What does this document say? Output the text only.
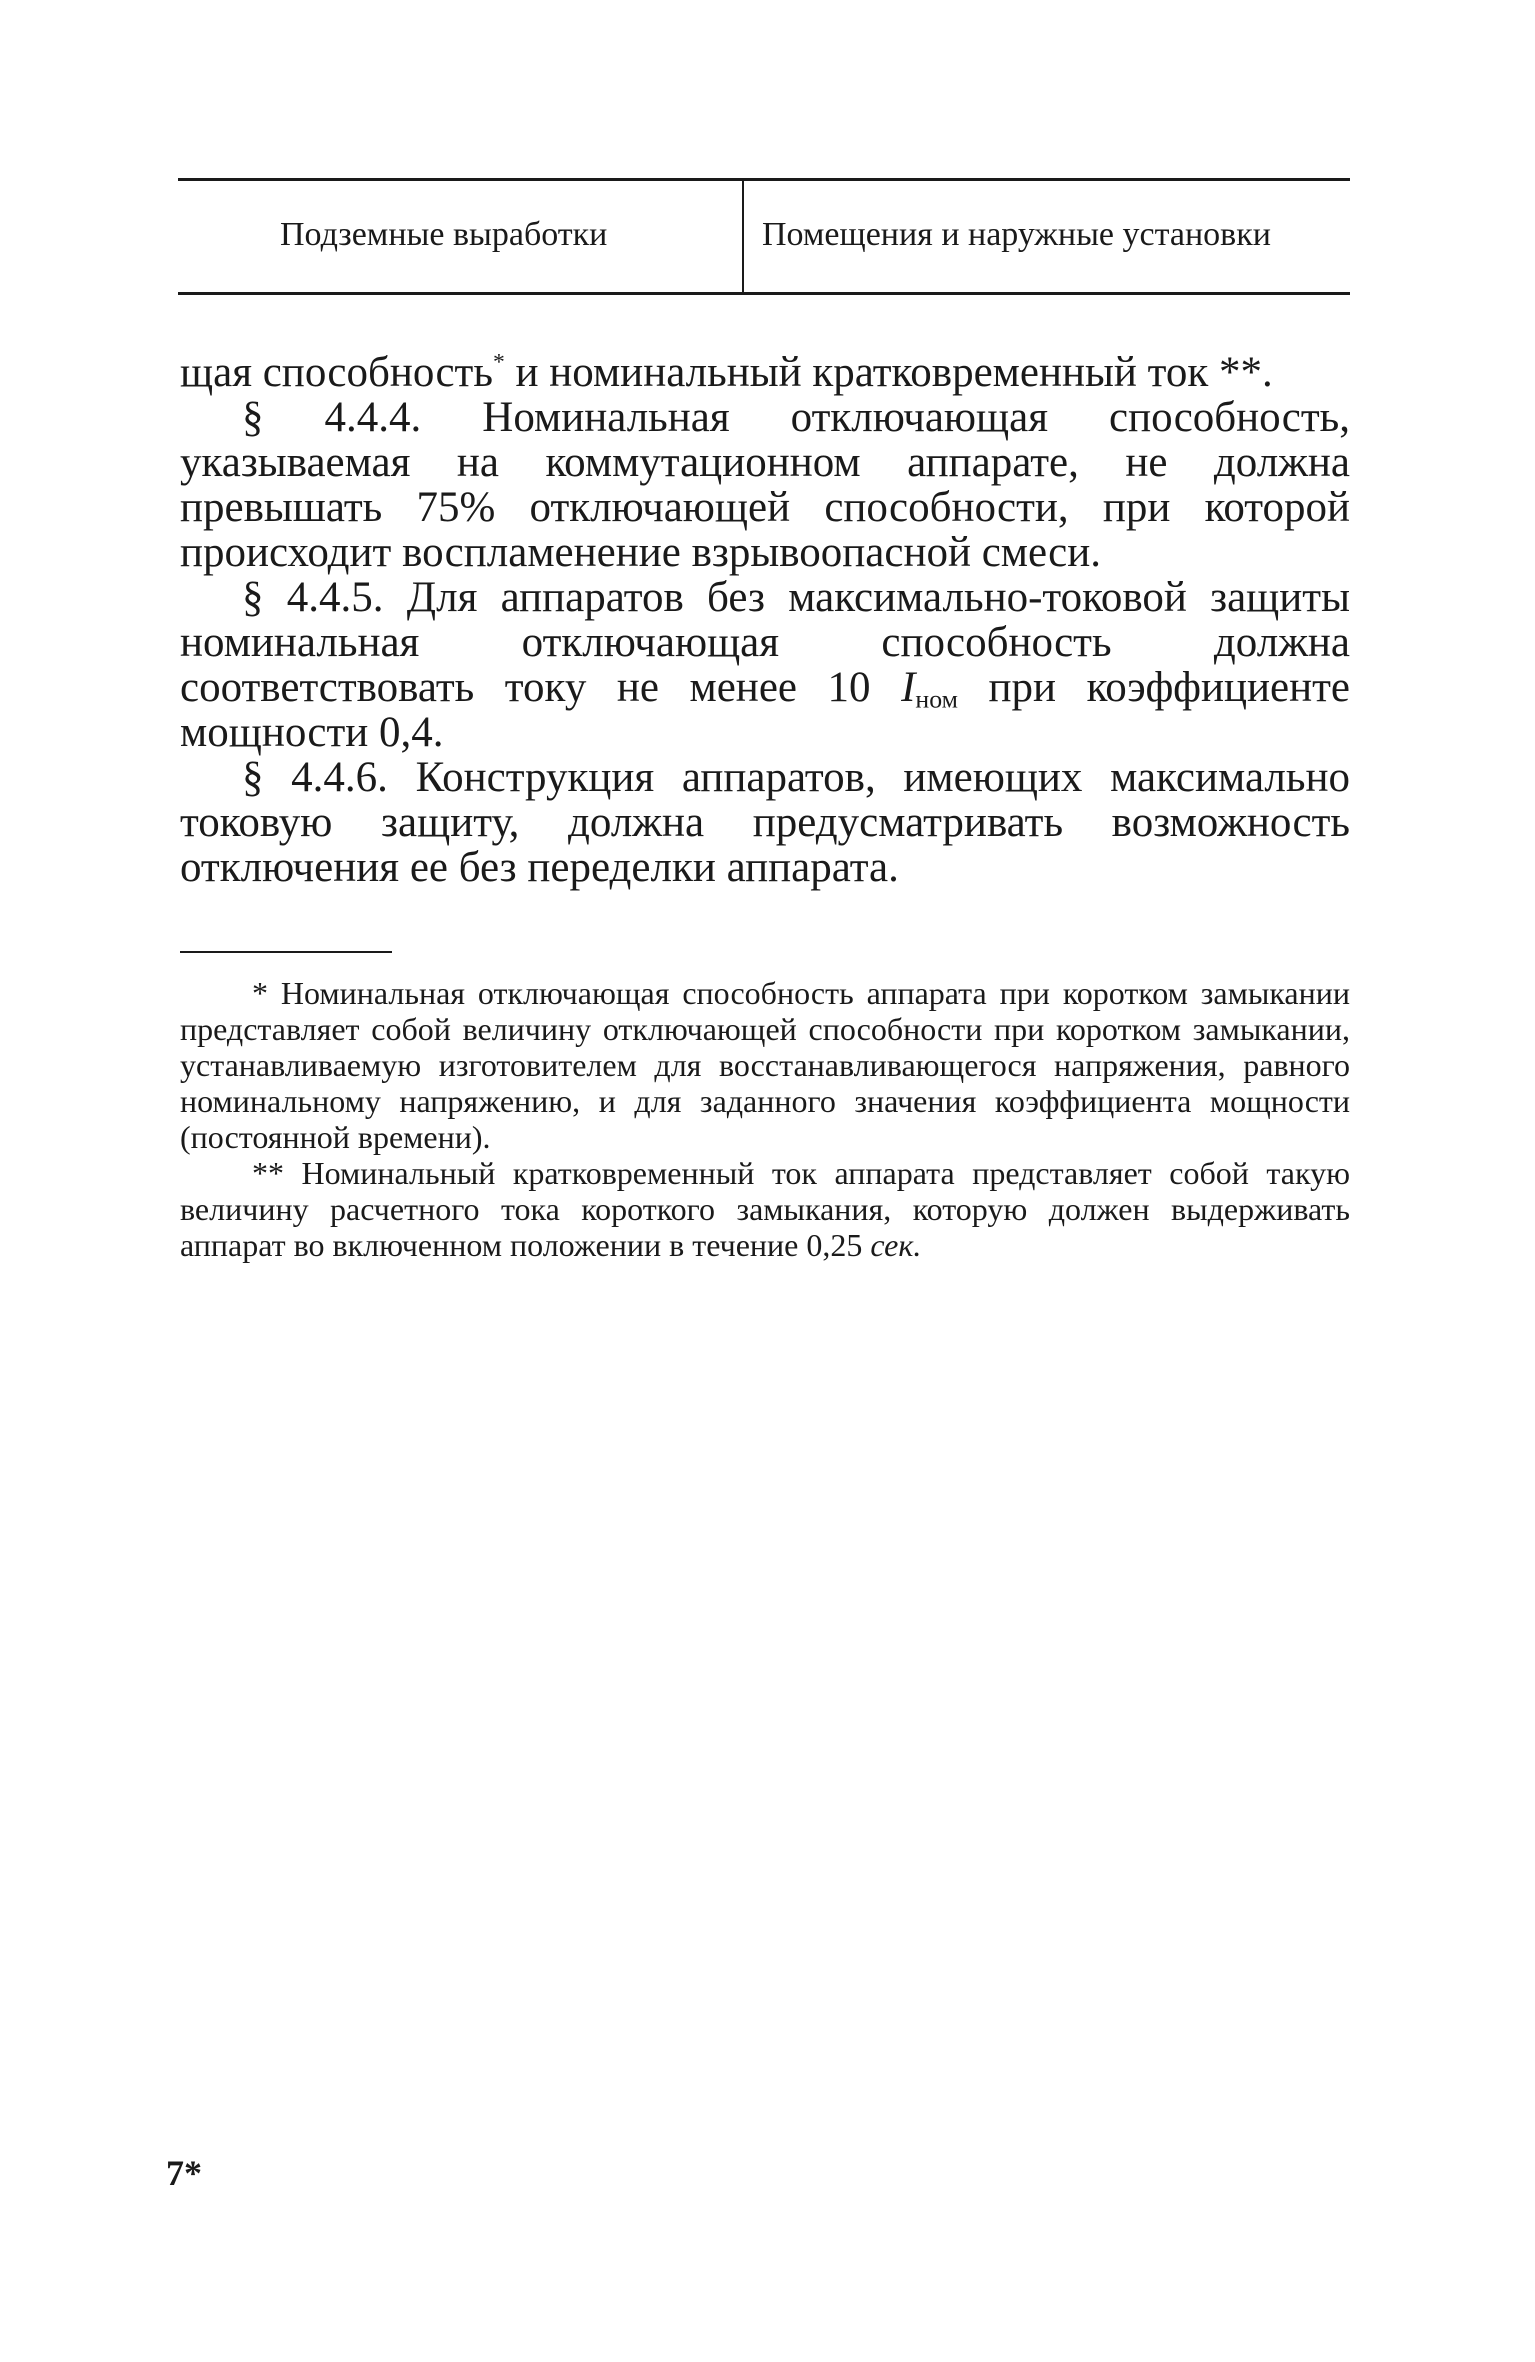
Подземные выработки	Помещения и наружные установки

щая способность* и номинальный кратковременный ток **.

§ 4.4.4. Номинальная отключающая способность, указываемая на коммутационном аппарате, не должна превышать 75% отключающей способности, при которой происходит воспламенение взрывоопасной смеси.

§ 4.4.5. Для аппаратов без максимально-токовой защиты номинальная отключающая способность должна соответствовать току не менее 10 $I_{ном}$ при коэффициенте мощности 0,4.

§ 4.4.6. Конструкция аппаратов, имеющих максимально токовую защиту, должна предусматривать возможность отключения ее без переделки аппарата.

* Номинальная отключающая способность аппарата при коротком замыкании представляет собой величину отключающей способности при коротком замыкании, устанавливаемую изготовителем для восстанавливающегося напряжения, равного номинальному напряжению, и для заданного значения коэффициента мощности (постоянной времени).

** Номинальный кратковременный ток аппарата представляет собой такую величину расчетного тока короткого замыкания, которую должен выдерживать аппарат во включенном положении в течение 0,25 сек.

7*
